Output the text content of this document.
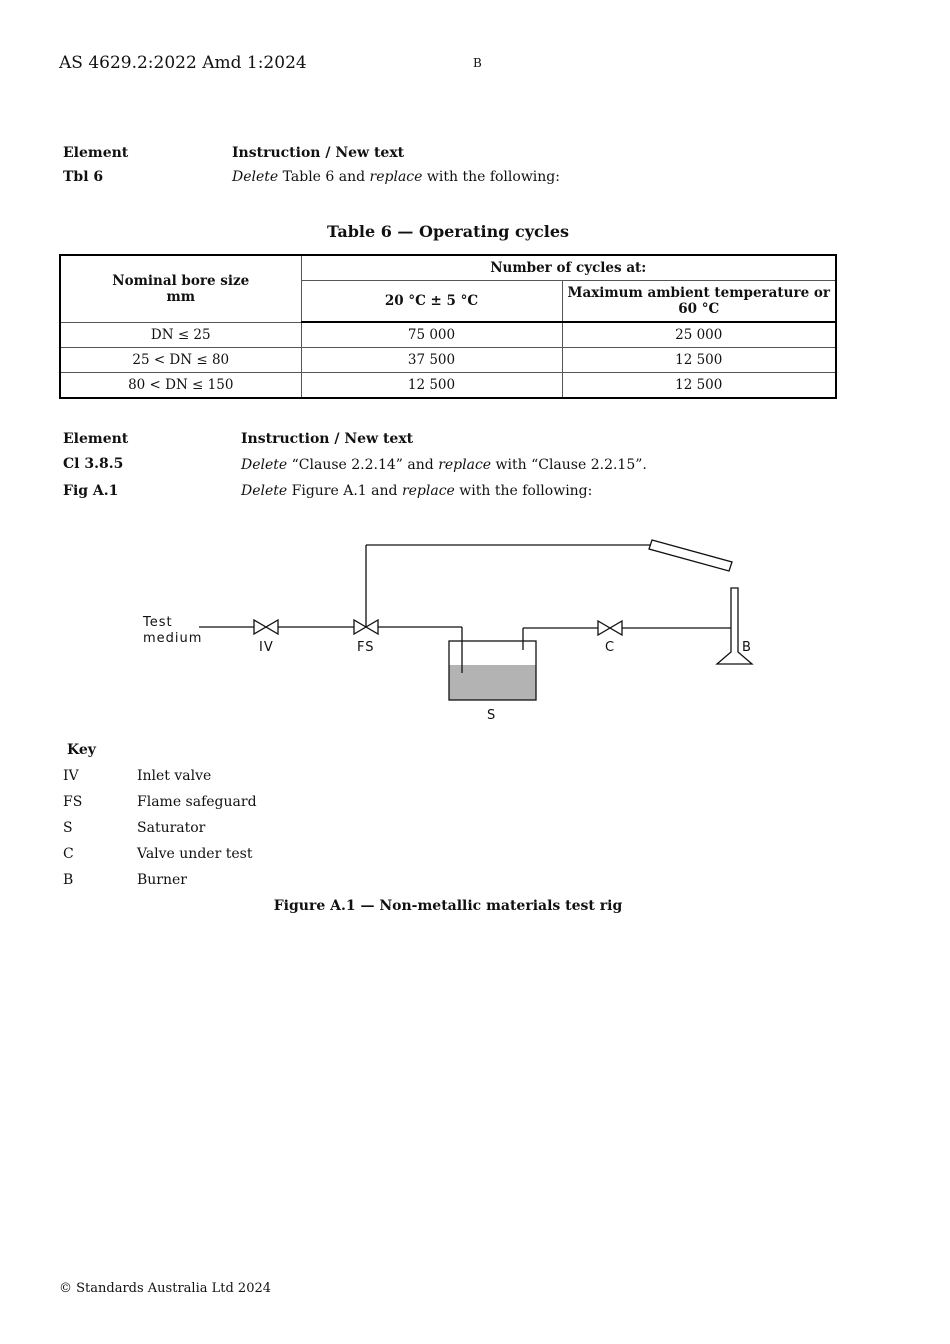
AS 4629.2:2022 Amd 1:2024	B
Element	Instruction / New text
Tbl 6	Delete Table 6 and replace with the following:
Table 6 — Operating cycles
Nominal bore size
mm	Number of cycles at:	
	20 °C ± 5 °C	Maximum ambient temperature or 60 °C
DN ≤ 25	75 000	25 000
25 < DN ≤ 80	37 500	12 500
80 < DN ≤ 150	12 500	12 500
Element	Instruction / New text
Cl 3.8.5	Delete “Clause 2.2.14” and replace with “Clause 2.2.15”.
Fig A.1	Delete Figure A.1 and replace with the following:
Test
medium
IV	FS
S
C	B
Key
IV	Inlet valve
FS	Flame safeguard
S	Saturator
C	Valve under test
B	Burner
Figure A.1 — Non-metallic materials test rig
© Standards Australia Ltd 2024
